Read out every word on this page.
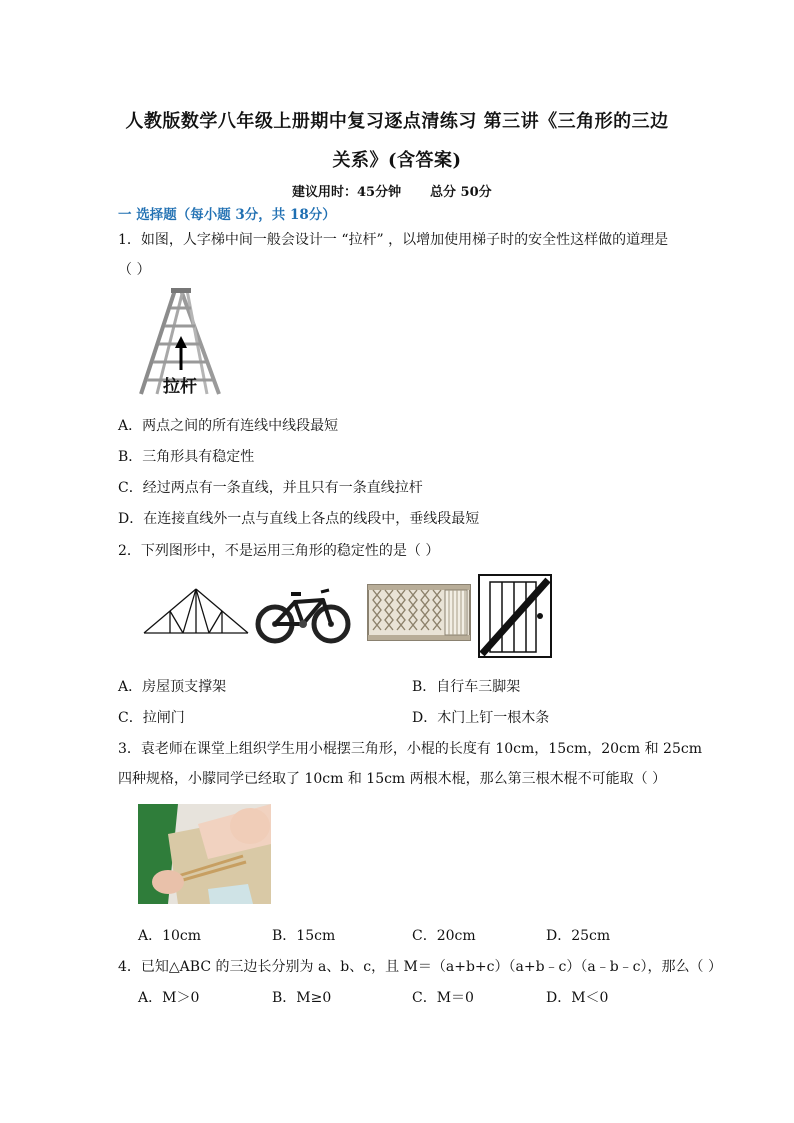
人教版数学八年级上册期中复习逐点清练习 第三讲《三角形的三边
关系》(含答案)
建议用时：45分钟 总分 50分
一 选择题（每小题 3分，共 18分）
1．如图，人字梯中间一般会设计一 “拉杆” ，以增加使用梯子时的安全性这样做的道理是
（ ）
拉杆
A．两点之间的所有连线中线段最短
B．三角形具有稳定性
C．经过两点有一条直线，并且只有一条直线拉杆
D．在连接直线外一点与直线上各点的线段中，垂线段最短
2．下列图形中，不是运用三角形的稳定性的是（ ）
A．房屋顶支撑架	B．自行车三脚架
C．拉闸门	D．木门上钉一根木条
3．袁老师在课堂上组织学生用小棍摆三角形，小棍的长度有 10cm，15cm，20cm 和 25cm
四种规格，小朦同学已经取了 10cm 和 15cm 两根木棍，那么第三根木棍不可能取（ ）
A．10cm	B．15cm	C．20cm	D．25cm
4．已知△ABC 的三边长分别为 a、b、c，且 M＝（a+b+c）（a+b﹣c）（a﹣b﹣c），那么（ ）
A．M＞0	B．M≥0	C．M＝0	D．M＜0
